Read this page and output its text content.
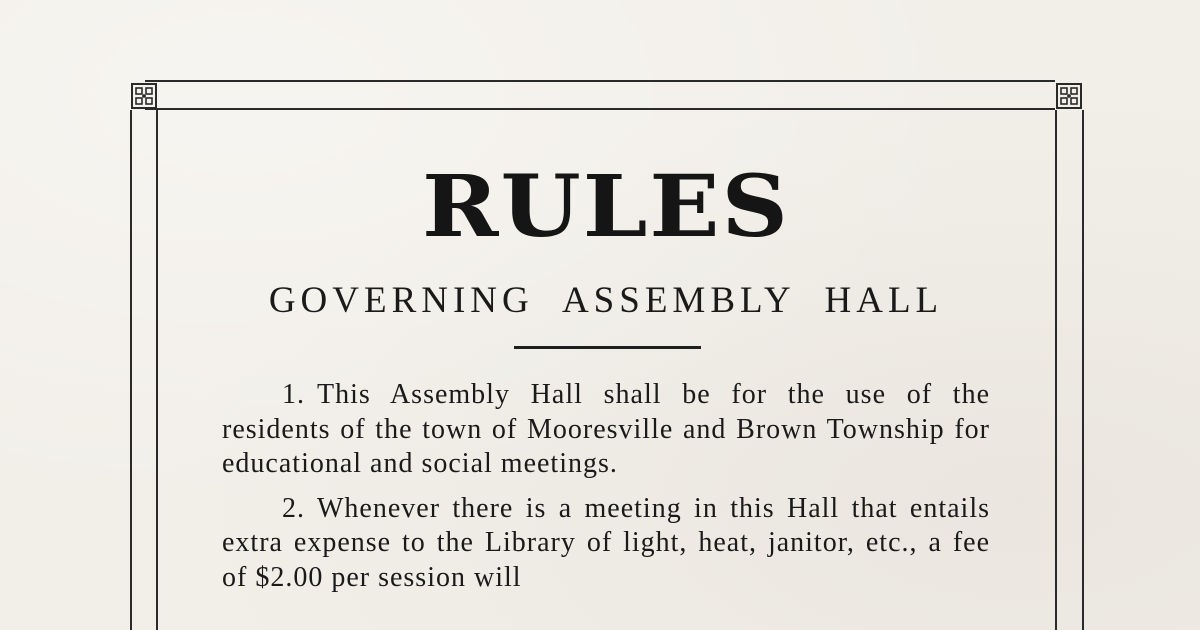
RULES
GOVERNING ASSEMBLY HALL

1. This Assembly Hall shall be for the use of the residents of the town of Mooresville and Brown Township for educational and social meetings.

2. Whenever there is a meeting in this Hall that entails extra expense to the Library of light, heat, janitor, etc., a fee of $2.00 per session will
